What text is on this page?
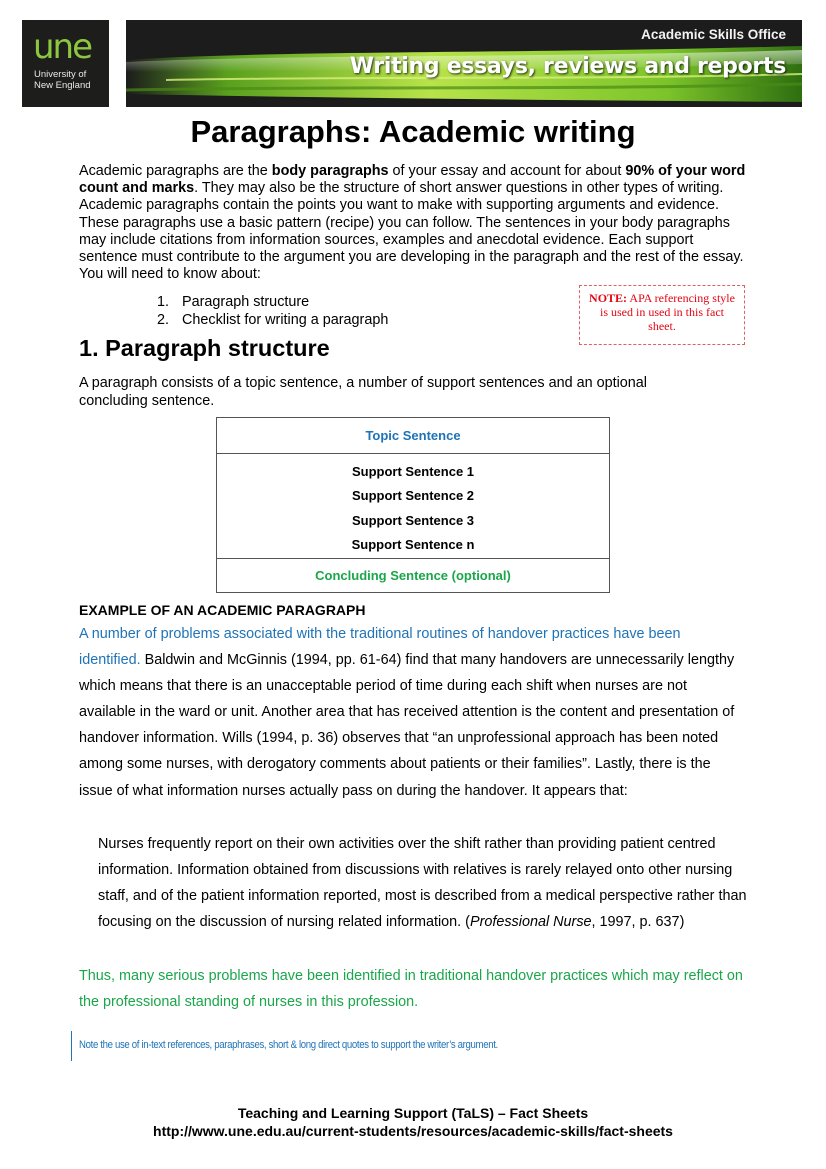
une
University of New England
Academic Skills Office
Writing essays, reviews and reports
Paragraphs: Academic writing

Academic paragraphs are the body paragraphs of your essay and account for about 90% of your word count and marks. They may also be the structure of short answer questions in other types of writing. Academic paragraphs contain the points you want to make with supporting arguments and evidence. These paragraphs use a basic pattern (recipe) you can follow. The sentences in your body paragraphs may include citations from information sources, examples and anecdotal evidence. Each support sentence must contribute to the argument you are developing in the paragraph and the rest of the essay. You will need to know about:

1. Paragraph structure
2. Checklist for writing a paragraph
NOTE: APA referencing style is used in used in this fact sheet.
1. Paragraph structure

A paragraph consists of a topic sentence, a number of support sentences and an optional concluding sentence.

Topic Sentence
Support Sentence 1
Support Sentence 2
Support Sentence 3
Support Sentence n
Concluding Sentence (optional)
EXAMPLE OF AN ACADEMIC PARAGRAPH

A number of problems associated with the traditional routines of handover practices have been identified. Baldwin and McGinnis (1994, pp. 61-64) find that many handovers are unnecessarily lengthy which means that there is an unacceptable period of time during each shift when nurses are not available in the ward or unit. Another area that has received attention is the content and presentation of handover information. Wills (1994, p. 36) observes that “an unprofessional approach has been noted among some nurses, with derogatory comments about patients or their families”. Lastly, there is the issue of what information nurses actually pass on during the handover. It appears that:

Nurses frequently report on their own activities over the shift rather than providing patient centred information. Information obtained from discussions with relatives is rarely relayed onto other nursing staff, and of the patient information reported, most is described from a medical perspective rather than focusing on the discussion of nursing related information. (Professional Nurse, 1997, p. 637)

Thus, many serious problems have been identified in traditional handover practices which may reflect on the professional standing of nurses in this profession.

Note the use of in-text references, paraphrases, short & long direct quotes to support the writer’s argument.
Teaching and Learning Support (TaLS) – Fact Sheets
http://www.une.edu.au/current-students/resources/academic-skills/fact-sheets
